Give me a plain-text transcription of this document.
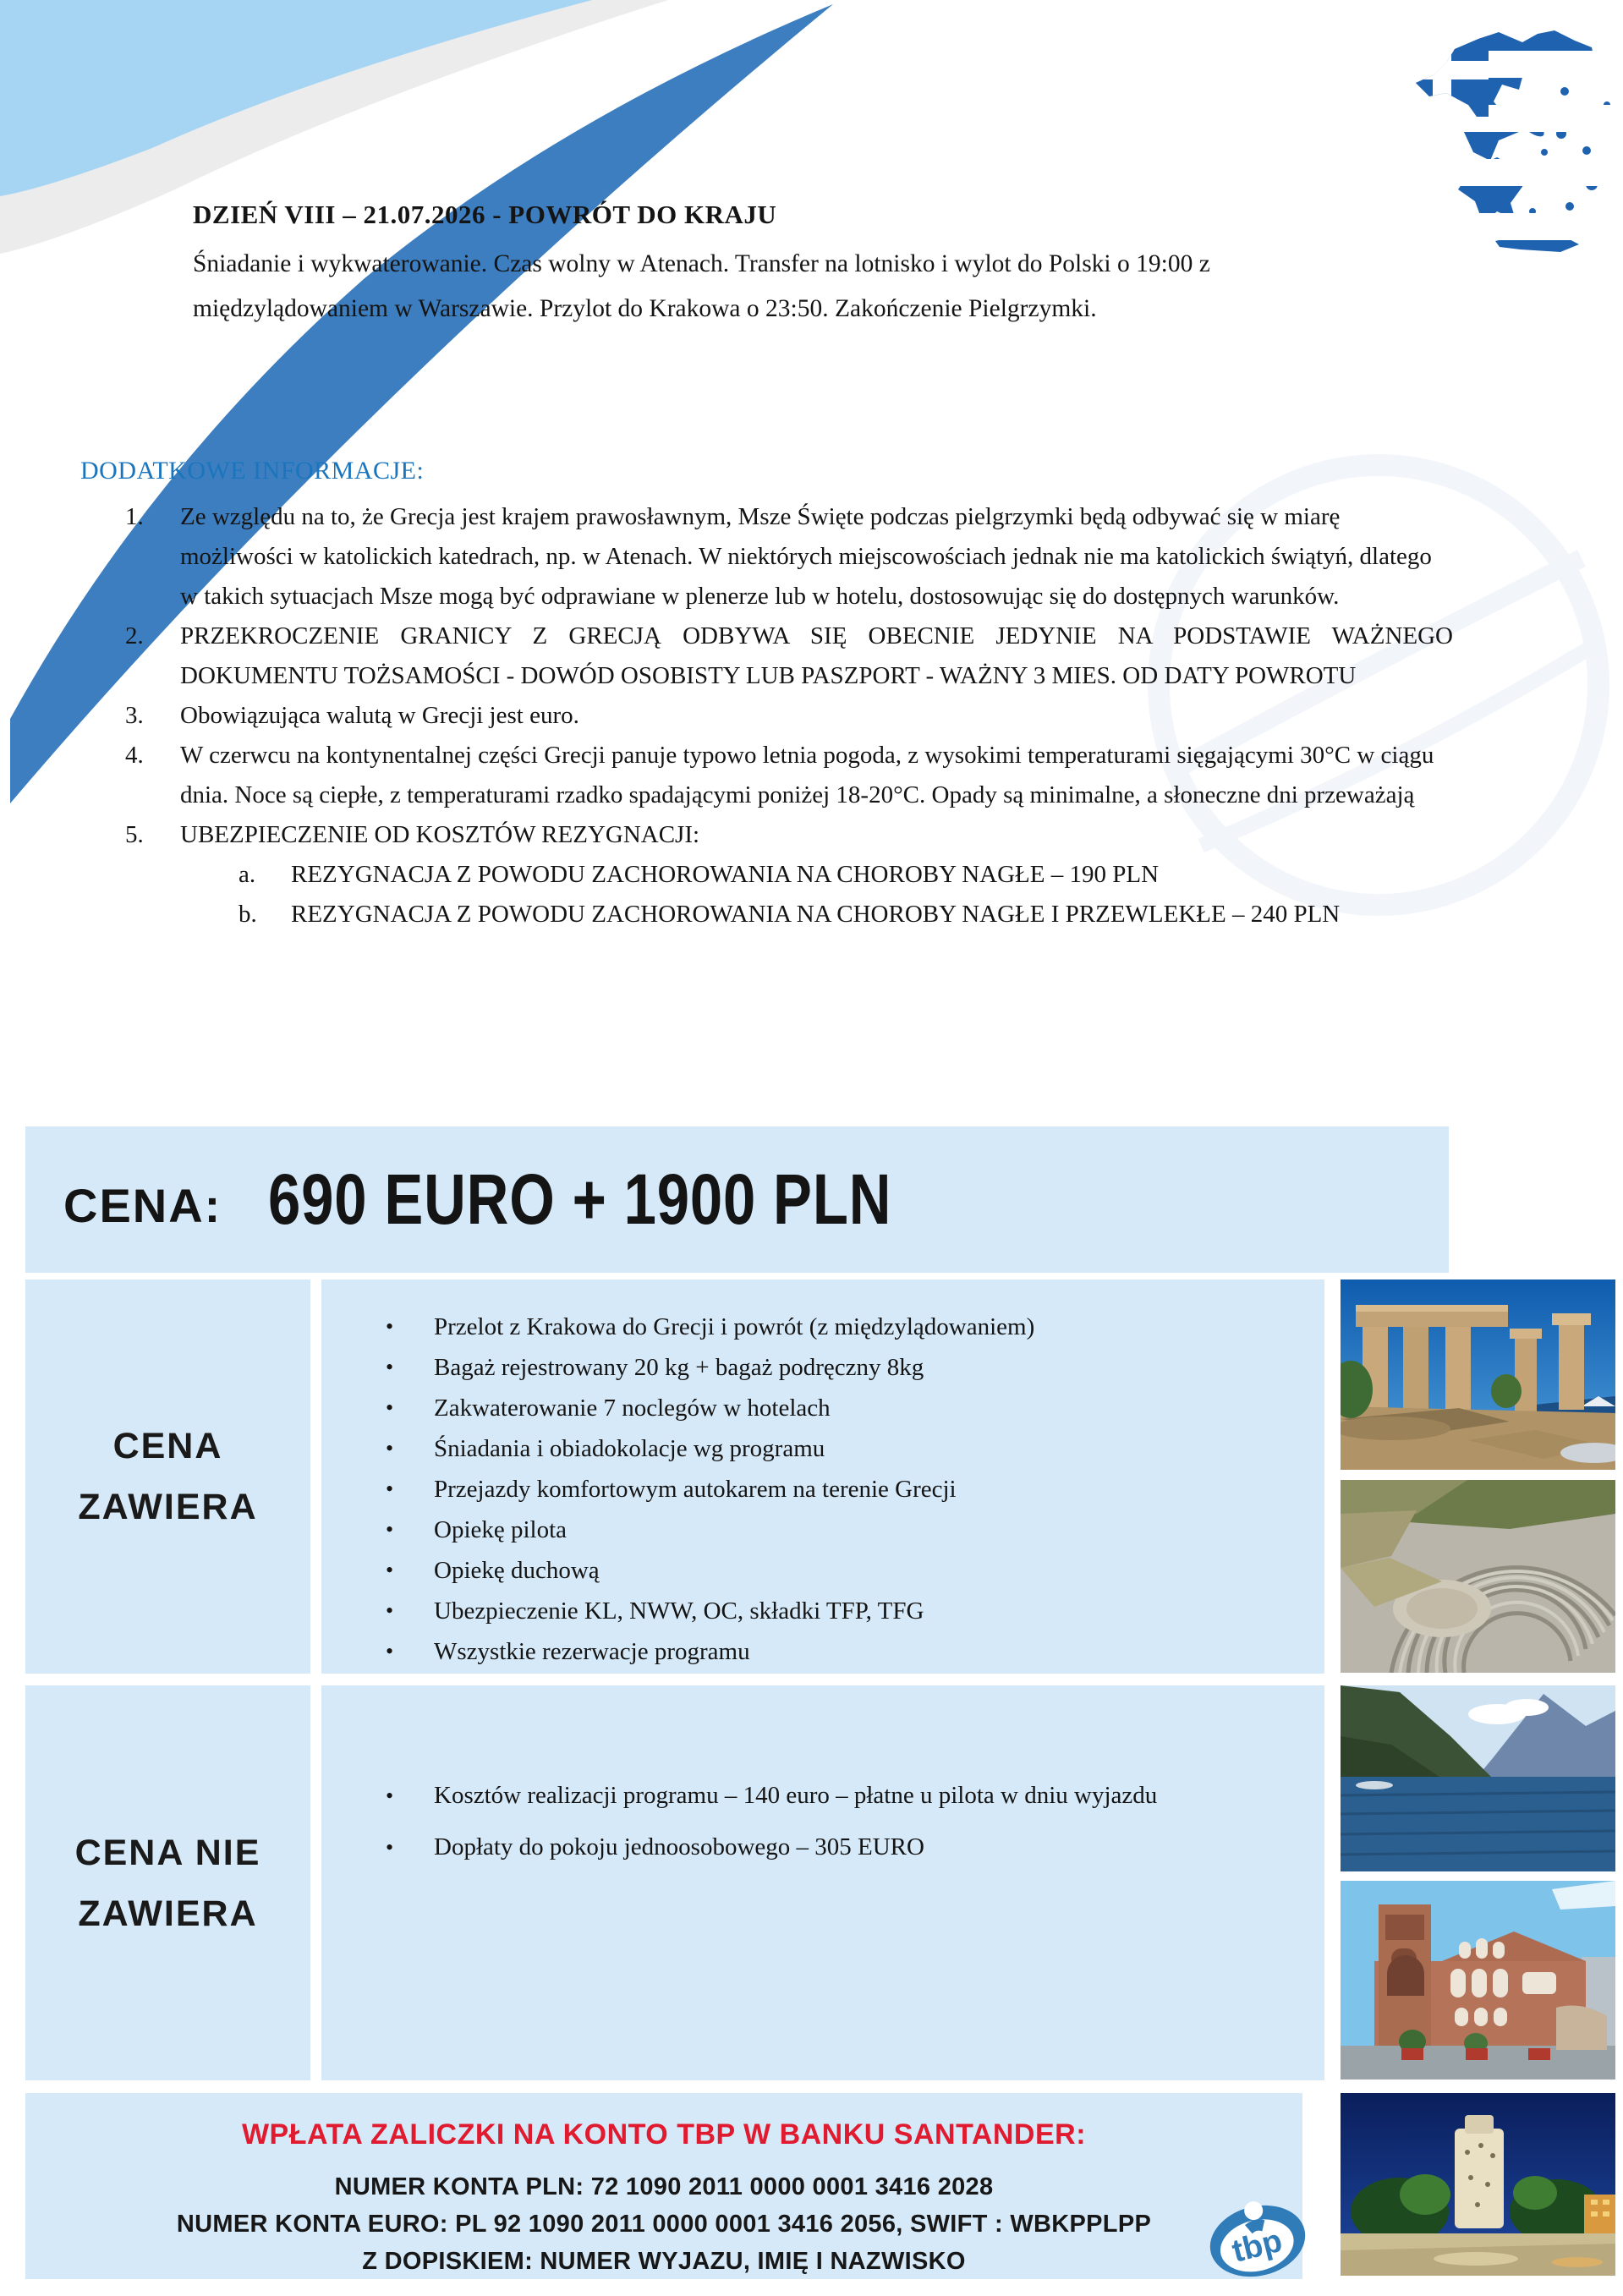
DZIEŃ VIII – 21.07.2026 - POWRÓT DO KRAJU

Śniadanie i wykwaterowanie. Czas wolny w Atenach. Transfer na lotnisko i wylot do Polski o 19:00 z międzylądowaniem w Warszawie. Przylot do Krakowa o 23:50. Zakończenie Pielgrzymki.

DODATKOWE INFORMACJE:
1.	Ze względu na to, że Grecja jest krajem prawosławnym, Msze Święte podczas pielgrzymki będą odbywać się w miarę możliwości w katolickich katedrach, np. w Atenach. W niektórych miejscowościach jednak nie ma katolickich świątyń, dlatego w takich sytuacjach Msze mogą być odprawiane w plenerze lub w hotelu, dostosowując się do dostępnych warunków.
2.	PRZEKROCZENIE GRANICY Z GRECJĄ ODBYWA SIĘ OBECNIE JEDYNIE NA PODSTAWIE WAŻNEGO DOKUMENTU TOŻSAMOŚCI - DOWÓD OSOBISTY LUB PASZPORT - WAŻNY 3 MIES. OD DATY POWROTU
3.	Obowiązująca walutą w Grecji jest euro.
4.	W czerwcu na kontynentalnej części Grecji panuje typowo letnia pogoda, z wysokimi temperaturami sięgającymi 30°C w ciągu dnia. Noce są ciepłe, z temperaturami rzadko spadającymi poniżej 18-20°C. Opady są minimalne, a słoneczne dni przeważają
5.	UBEZPIECZENIE OD KOSZTÓW REZYGNACJI:
a.	REZYGNACJA Z POWODU ZACHOROWANIA NA CHOROBY NAGŁE – 190 PLN
b.	REZYGNACJA Z POWODU ZACHOROWANIA NA CHOROBY NAGŁE I PRZEWLEKŁE – 240 PLN
CENA: 690 EURO + 1900 PLN
CENA
ZAWIERA
• Przelot z Krakowa do Grecji i powrót (z międzylądowaniem)
• Bagaż rejestrowany 20 kg + bagaż podręczny 8kg
• Zakwaterowanie 7 noclegów w hotelach
• Śniadania i obiadokolacje wg programu
• Przejazdy komfortowym autokarem na terenie Grecji
• Opiekę pilota
• Opiekę duchową
• Ubezpieczenie KL, NWW, OC, składki TFP, TFG
• Wszystkie rezerwacje programu
CENA NIE
ZAWIERA
• Kosztów realizacji programu – 140 euro – płatne u pilota w dniu wyjazdu
• Dopłaty do pokoju jednoosobowego – 305 EURO
WPŁATA ZALICZKI NA KONTO TBP W BANKU SANTANDER:
NUMER KONTA PLN: 72 1090 2011 0000 0001 3416 2028
NUMER KONTA EURO: PL 92 1090 2011 0000 0001 3416 2056, SWIFT : WBKPPLPP
Z DOPISKIEM: NUMER WYJAZU, IMIĘ I NAZWISKO	tbp
